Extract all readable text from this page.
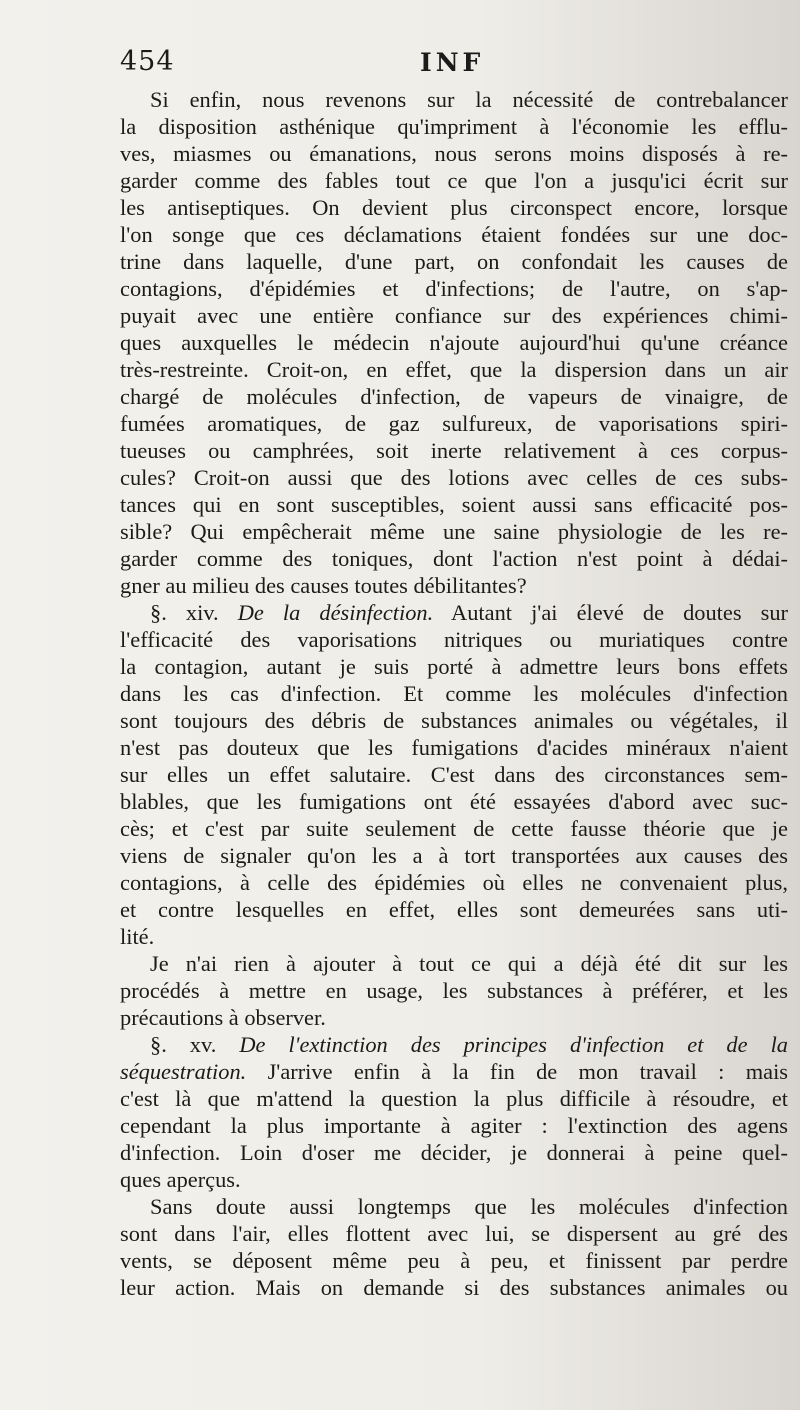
454	INF
Si enfin, nous revenons sur la nécessité de contrebalancer
la disposition asthénique qu'impriment à l'économie les efflu-
ves, miasmes ou émanations, nous serons moins disposés à re-
garder comme des fables tout ce que l'on a jusqu'ici écrit sur
les antiseptiques. On devient plus circonspect encore, lorsque
l'on songe que ces déclamations étaient fondées sur une doc-
trine dans laquelle, d'une part, on confondait les causes de
contagions, d'épidémies et d'infections; de l'autre, on s'ap-
puyait avec une entière confiance sur des expériences chimi-
ques auxquelles le médecin n'ajoute aujourd'hui qu'une créance
très-restreinte. Croit-on, en effet, que la dispersion dans un air
chargé de molécules d'infection, de vapeurs de vinaigre, de
fumées aromatiques, de gaz sulfureux, de vaporisations spiri-
tueuses ou camphrées, soit inerte relativement à ces corpus-
cules? Croit-on aussi que des lotions avec celles de ces subs-
tances qui en sont susceptibles, soient aussi sans efficacité pos-
sible? Qui empêcherait même une saine physiologie de les re-
garder comme des toniques, dont l'action n'est point à dédai-
gner au milieu des causes toutes débilitantes?
§. xiv. De la désinfection. Autant j'ai élevé de doutes sur
l'efficacité des vaporisations nitriques ou muriatiques contre
la contagion, autant je suis porté à admettre leurs bons effets
dans les cas d'infection. Et comme les molécules d'infection
sont toujours des débris de substances animales ou végétales, il
n'est pas douteux que les fumigations d'acides minéraux n'aient
sur elles un effet salutaire. C'est dans des circonstances sem-
blables, que les fumigations ont été essayées d'abord avec suc-
cès; et c'est par suite seulement de cette fausse théorie que je
viens de signaler qu'on les a à tort transportées aux causes des
contagions, à celle des épidémies où elles ne convenaient plus,
et contre lesquelles en effet, elles sont demeurées sans uti-
lité.
Je n'ai rien à ajouter à tout ce qui a déjà été dit sur les
procédés à mettre en usage, les substances à préférer, et les
précautions à observer.
§. xv. De l'extinction des principes d'infection et de la
séquestration. J'arrive enfin à la fin de mon travail : mais
c'est là que m'attend la question la plus difficile à résoudre, et
cependant la plus importante à agiter : l'extinction des agens
d'infection. Loin d'oser me décider, je donnerai à peine quel-
ques aperçus.
Sans doute aussi longtemps que les molécules d'infection
sont dans l'air, elles flottent avec lui, se dispersent au gré des
vents, se déposent même peu à peu, et finissent par perdre
leur action. Mais on demande si des substances animales ou
